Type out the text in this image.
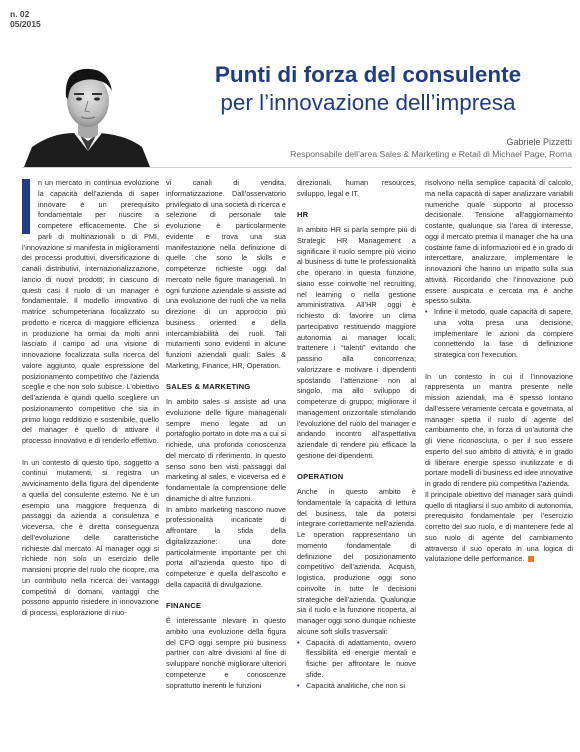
n. 02
05/2015
Punti di forza del consulente
per l’innovazione dell’impresa
Gabriele Pizzetti
Responsabile dell’area Sales & Marketing e Retail di Michael Page, Roma

n un mercato in continua evoluzione la capacità dell’azienda di saper innovare è un prerequisito fondamentale per riuscire a competere efficacemente. Che si parli di multinazionali o di PMI, l’innovazione si manifesta in miglioramenti dei processi produttivi, diversificazione di canali distributivi, internazionalizzazione, lancio di nuovi prodotti; in ciascuno di questi casi il ruolo di un manager è fondamentale. Il modello innovativo di matrice schumpeteriana focalizzato su prodotto e ricerca di maggiore efficienza in produzione ha ormai da molti anni lasciato il campo ad una visione di innovazione focalizzata sulla ricerca del valore aggiunto, quale espressione del posizionamento competitivo che l’azienda sceglie e che non solo subisce. L’obiettivo dell’azienda è quindi quello scegliere un posizionamento competitivo che sia in primo luogo redditizio e sostenibile, quello del manager è quello di attivare il processo innovativo e di renderlo effettivo.

In un contesto di questo tipo, soggetto a continui mutamenti, si registra un avvicinamento della figura del dipendente a quella del consulente esterno. Ne è un esempio una maggiore frequenza di passaggi da azienda a consulenza e viceversa, che è diretta conseguenza dell’evoluzione delle caratteristiche richieste dal mercato. Al manager oggi si richiede non solo un esercizio delle mansioni proprie del ruolo che ricopre, ma un contributo nella ricerca dei vantaggi competitivi di domani, vantaggi che possono appunto risiedere in innovazione di processi, esplorazione di nuo-

vi canali di vendita, informatizzazione. Dall’osservatorio privilegiato di una società di ricerca e selezione di personale tale evoluzione è particolarmente evidente e trova una sua manifestazione nella definizione di quelle che sono le skills e competenze richieste oggi dal mercato nelle figure manageriali. In ogni funzione aziendale si assiste ad una evoluzione dei ruoli che va nella direzione di un approccio più business oriented e della intercambiabilità dei ruoli. Tali mutamenti sono evidenti in alcune funzioni aziendali quali: Sales & Marketing, Finance, HR, Operation.

SALES & MARKETING

In ambito sales si assiste ad una evoluzione delle figure manageriali sempre meno legate ad un portafoglio portato in dote ma a cui si richiede, una profonda conoscenza del mercato di riferimento. In questo senso sono ben visti passaggi dal marketing al sales, e viceversa ed è fondamentale la comprensione delle dinamiche di altre funzioni.

In ambito marketing nascono nuove professionalità incaricate di affrontare la sfida della digitalizzazione: una dote particolarmente importante per chi porta all’azienda questo tipo di competenze è quella dell’ascolto e della capacità di divulgazione.

FINANCE

È interessante rilevare in questo ambito una evoluzione della figura del CFO oggi sempre più business partner con altre divisioni al fine di sviluppare nonché migliorare ulteriori competenze e conoscenze soprattutto inerenti le funzioni

direzionali, human resources, sviluppo, legal e IT.

HR

In ambito HR si parla sempre più di Strategic HR Management a significare il ruolo sempre più vicino al business di tutte le professionalità che operano in questa funzione, siano esse coinvolte nel recruiting, nel learning o nella gestione amministrativa. All’HR oggi è richiesto di: favorire un clima partecipativo restituendo maggiore autonomia ai manager locali; trattenere i “talenti” evitando che passino alla concorrenza; valorizzare e motivare i dipendenti spostando l’attenzione non al singolo, ma allo sviluppo di competenze di gruppo; migliorare il management orizzontale stimolando l’evoluzione del ruolo del manager e andando incontro all’aspettativa aziendale di rendere più efficace la gestione dei dipendenti.

OPERATION

Anche in questo ambito è fondamentale la capacità di lettura del business, tale da potersi integrare correttamente nell’azienda. Le operation rappresentano un momento fondamentale di definizione del posizionamento competitivo dell’azienda. Acquisti, logistica, produzione oggi sono coinvolte in tutte le decisioni strategiche dell’azienda. Qualunque sia il ruolo e la funzione ricoperta, al manager oggi sono dunque richieste alcune soft skills trasversali:

• Capacità di adattamento, ovvero flessibilità ed energie mentali e fisiche per affrontare le nuove sfide.
• Capacità analitiche, che non si

risolvono nella semplice capacità di calcolo, ma nella capacità di saper analizzare variabili numeriche quale supporto al processo decisionale. Tensione all’aggiornamento costante, qualunque sia l’area di interesse, oggi il mercato premia il manager che ha una costante fame di informazioni ed è in grado di intercettare, analizzare, implementare le innovazioni che hanno un impatto sulla sua attività. Ricordando che l’innovazione può essere auspicata e cercata ma è anche spesso subita.

• Infine il metodo, quale capacità di sapere, una volta presa una decisione, implementare le azioni da compiere connettendo la fase di definizione strategica con l’execution.

In un contesto in cui il l’innovazione rappresenta un mantra presente nelle mission aziendali, ma è spesso lontano dall’essere veramente cercata e governata, al manager spetta il ruolo di agente del cambiamento che, in forza di un’autorità che gli viene riconosciuta, o per il suo essere esperto del suo ambito di attività, è in grado di liberare energie spesso inutilizzate e di portare modelli di business ed idee innovative in grado di rendere più competitiva l’azienda.

Il principale obiettivo del manager sarà quindi quello di ritagliarsi il suo ambito di autonomia, prerequisito fondamentale per l’esercizio corretto del suo ruolo, e di mantenere fede al suo ruolo di agente del cambiamento attraverso il suo operato in una logica di valutazione delle performance.
